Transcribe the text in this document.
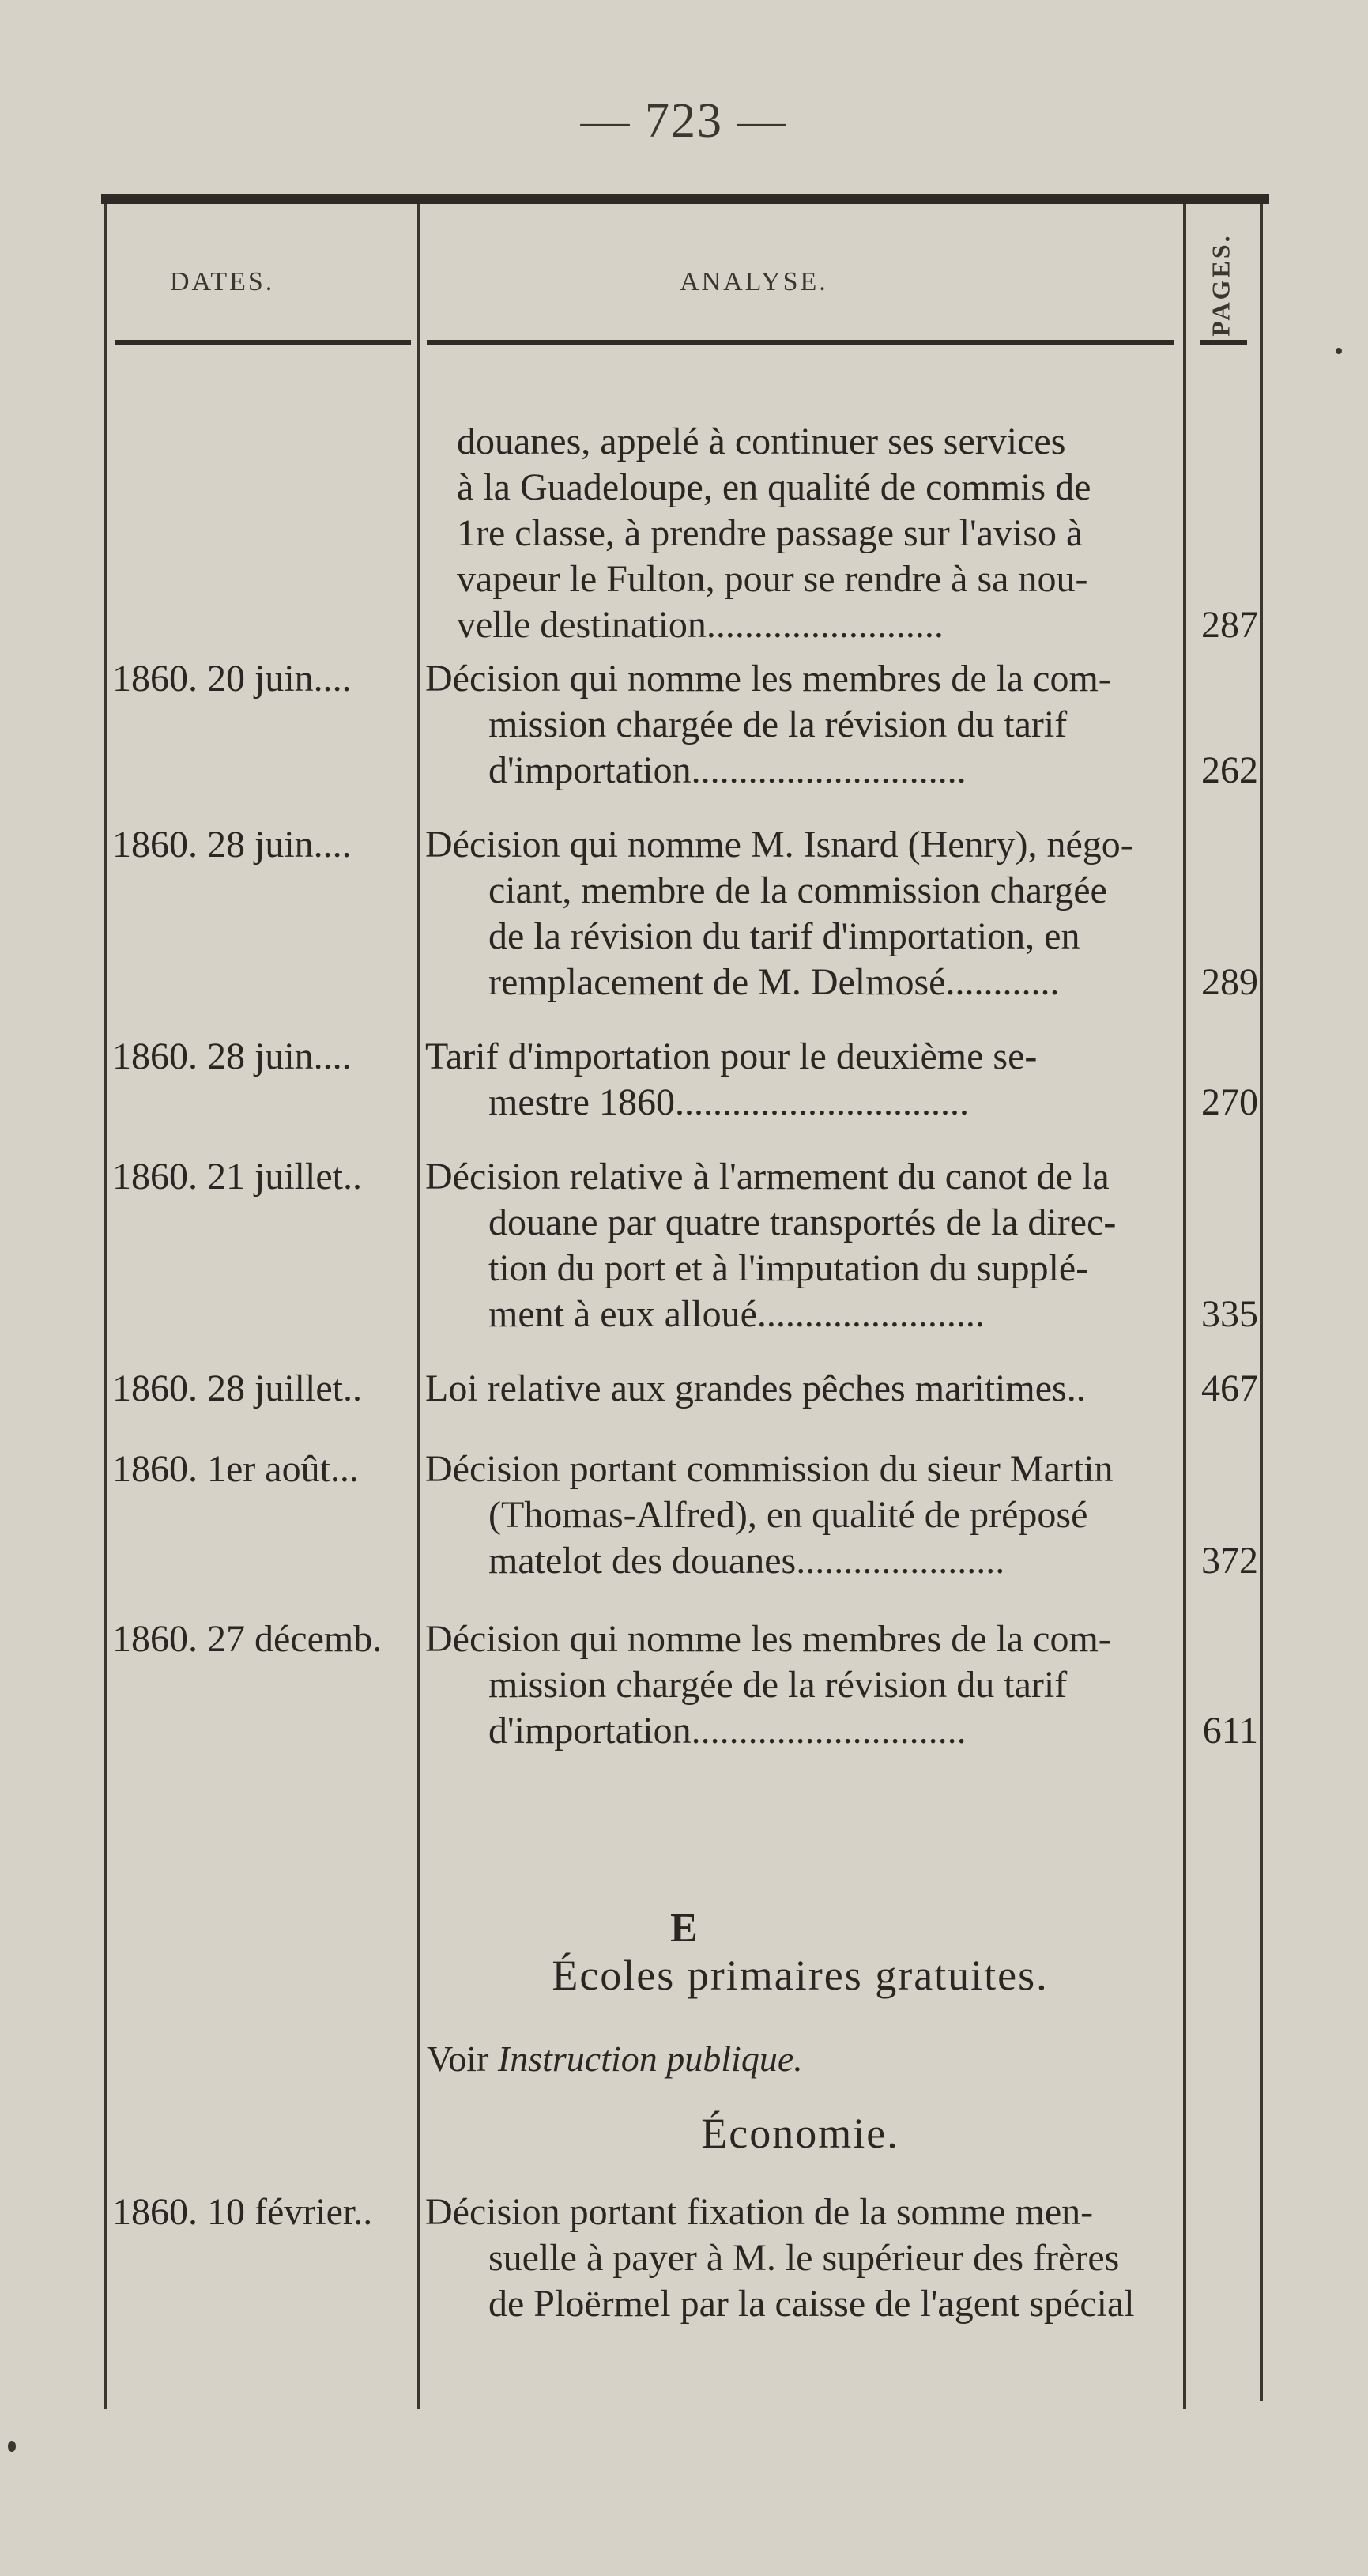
— 723 —
DATES.	ANALYSE.	PAGES.
douanes, appelé à continuer ses services
à la Guadeloupe, en qualité de commis de
1re classe, à prendre passage sur l'aviso à
vapeur le Fulton, pour se rendre à sa nou-
velle destination.........................	287
1860. 20 juin....	Décision qui nomme les membres de la com-
mission chargée de la révision du tarif
d'importation.............................	262
1860. 28 juin....	Décision qui nomme M. Isnard (Henry), négo-
ciant, membre de la commission chargée
de la révision du tarif d'importation, en
remplacement de M. Delmosé............	289
1860. 28 juin....	Tarif d'importation pour le deuxième se-
mestre 1860...............................	270
1860. 21 juillet..	Décision relative à l'armement du canot de la
douane par quatre transportés de la direc-
tion du port et à l'imputation du supplé-
ment à eux alloué........................	335
1860. 28 juillet..	Loi relative aux grandes pêches maritimes..	467
1860. 1er août...	Décision portant commission du sieur Martin
(Thomas-Alfred), en qualité de préposé
matelot des douanes......................	372
1860. 27 décemb.	Décision qui nomme les membres de la com-
mission chargée de la révision du tarif
d'importation.............................	611
E
Écoles primaires gratuites.
Voir Instruction publique.
Économie.
1860. 10 février..	Décision portant fixation de la somme men-
suelle à payer à M. le supérieur des frères
de Ploërmel par la caisse de l'agent spécial
